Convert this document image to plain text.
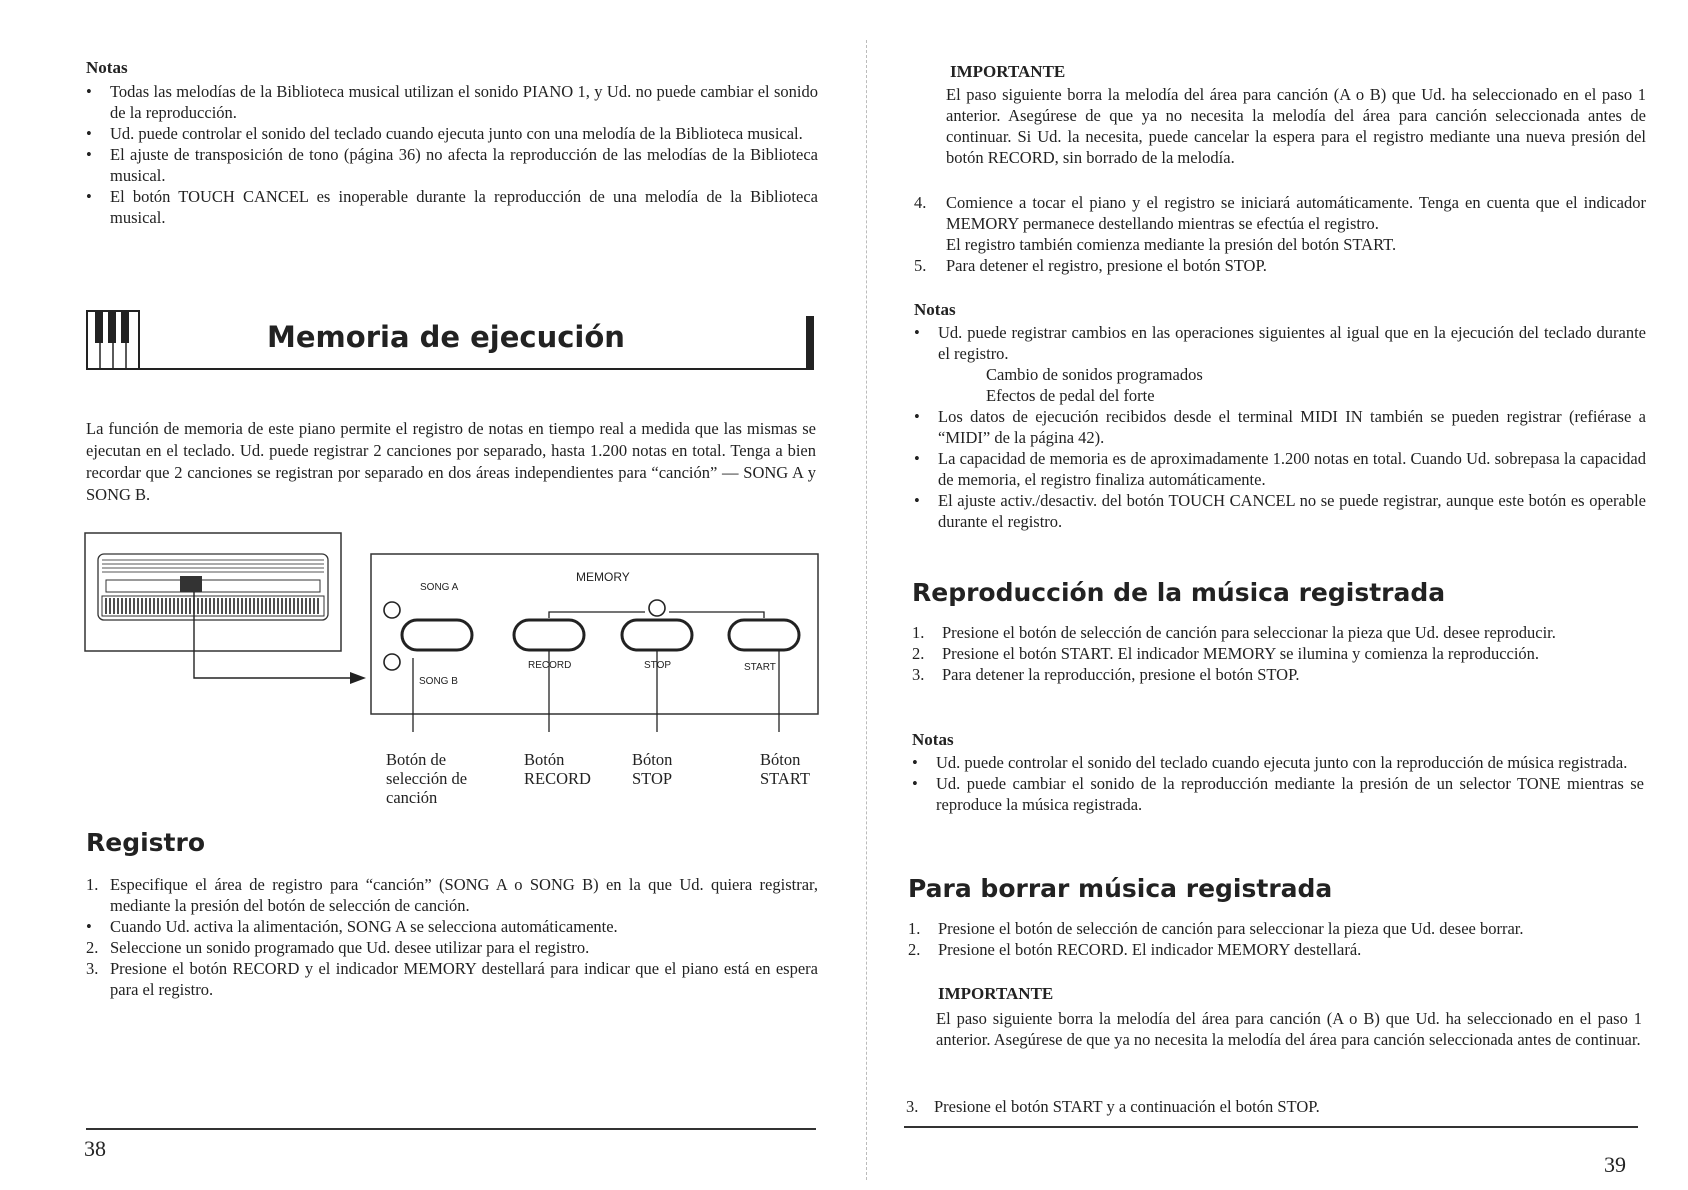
Notas
•	Todas las melodías de la Biblioteca musical utilizan el sonido PIANO 1, y Ud. no puede cambiar el sonido de la reproducción.
•	Ud. puede controlar el sonido del teclado cuando ejecuta junto con una melodía de la Biblioteca musical.
•	El ajuste de transposición de tono (página 36) no afecta la reproducción de las melodías de la Biblioteca musical.
•	El botón TOUCH CANCEL es inoperable durante la reproducción de una melodía de la Biblioteca musical.
Memoria de ejecución
La función de memoria de este piano permite el registro de notas en tiempo real a medida que las mismas se ejecutan en el teclado. Ud. puede registrar 2 canciones por separado, hasta 1.200 notas en total. Tenga a bien recordar que 2 canciones se registran por separado en dos áreas independientes para “canción” — SONG A y SONG B.
MEMORY
SONG A
SONG B
RECORD	STOP	START
Botón de
selección de
canción
Botón
RECORD
Bóton
STOP
Bóton
START
Registro
1. Especifique el área de registro para “canción” (SONG A o SONG B) en la que Ud. quiera registrar, mediante la presión del botón de selección de canción.
•	Cuando Ud. activa la alimentación, SONG A se selecciona automáticamente.
2. Seleccione un sonido programado que Ud. desee utilizar para el registro.
3. Presione el botón RECORD y el indicador MEMORY destellará para indicar que el piano está en espera para el registro.
38
IMPORTANTE
El paso siguiente borra la melodía del área para canción (A o B) que Ud. ha seleccionado en el paso 1 anterior. Asegúrese de que ya no necesita la melodía del área para canción seleccionada antes de continuar. Si Ud. la necesita, puede cancelar la espera para el registro mediante una nueva presión del botón RECORD, sin borrado de la melodía.
4.	Comience a tocar el piano y el registro se iniciará automáticamente. Tenga en cuenta que el indicador MEMORY permanece destellando mientras se efectúa el registro.
El registro también comienza mediante la presión del botón START.
5.	Para detener el registro, presione el botón STOP.
Notas
•	Ud. puede registrar cambios en las operaciones siguientes al igual que en la ejecución del teclado durante el registro.
Cambio de sonidos programados
Efectos de pedal del forte
•	Los datos de ejecución recibidos desde el terminal MIDI IN también se pueden registrar (refiérase a “MIDI” de la página 42).
•	La capacidad de memoria es de aproximadamente 1.200 notas en total. Cuando Ud. sobrepasa la capacidad de memoria, el registro finaliza automáticamente.
•	El ajuste activ./desactiv. del botón TOUCH CANCEL no se puede registrar, aunque este botón es operable durante el registro.
Reproducción de la música registrada
1.	Presione el botón de selección de canción para seleccionar la pieza que Ud. desee reproducir.
2.	Presione el botón START. El indicador MEMORY se ilumina y comienza la reproducción.
3.	Para detener la reproducción, presione el botón STOP.
Notas
•	Ud. puede controlar el sonido del teclado cuando ejecuta junto con la reproducción de música registrada.
•	Ud. puede cambiar el sonido de la reproducción mediante la presión de un selector TONE mientras se reproduce la música registrada.
Para borrar música registrada
1.	Presione el botón de selección de canción para seleccionar la pieza que Ud. desee borrar.
2.	Presione el botón RECORD. El indicador MEMORY destellará.
IMPORTANTE
El paso siguiente borra la melodía del área para canción (A o B) que Ud. ha seleccionado en el paso 1 anterior. Asegúrese de que ya no necesita la melodía del área para canción seleccionada antes de continuar.
3. Presione el botón START y a continuación el botón STOP.
39
